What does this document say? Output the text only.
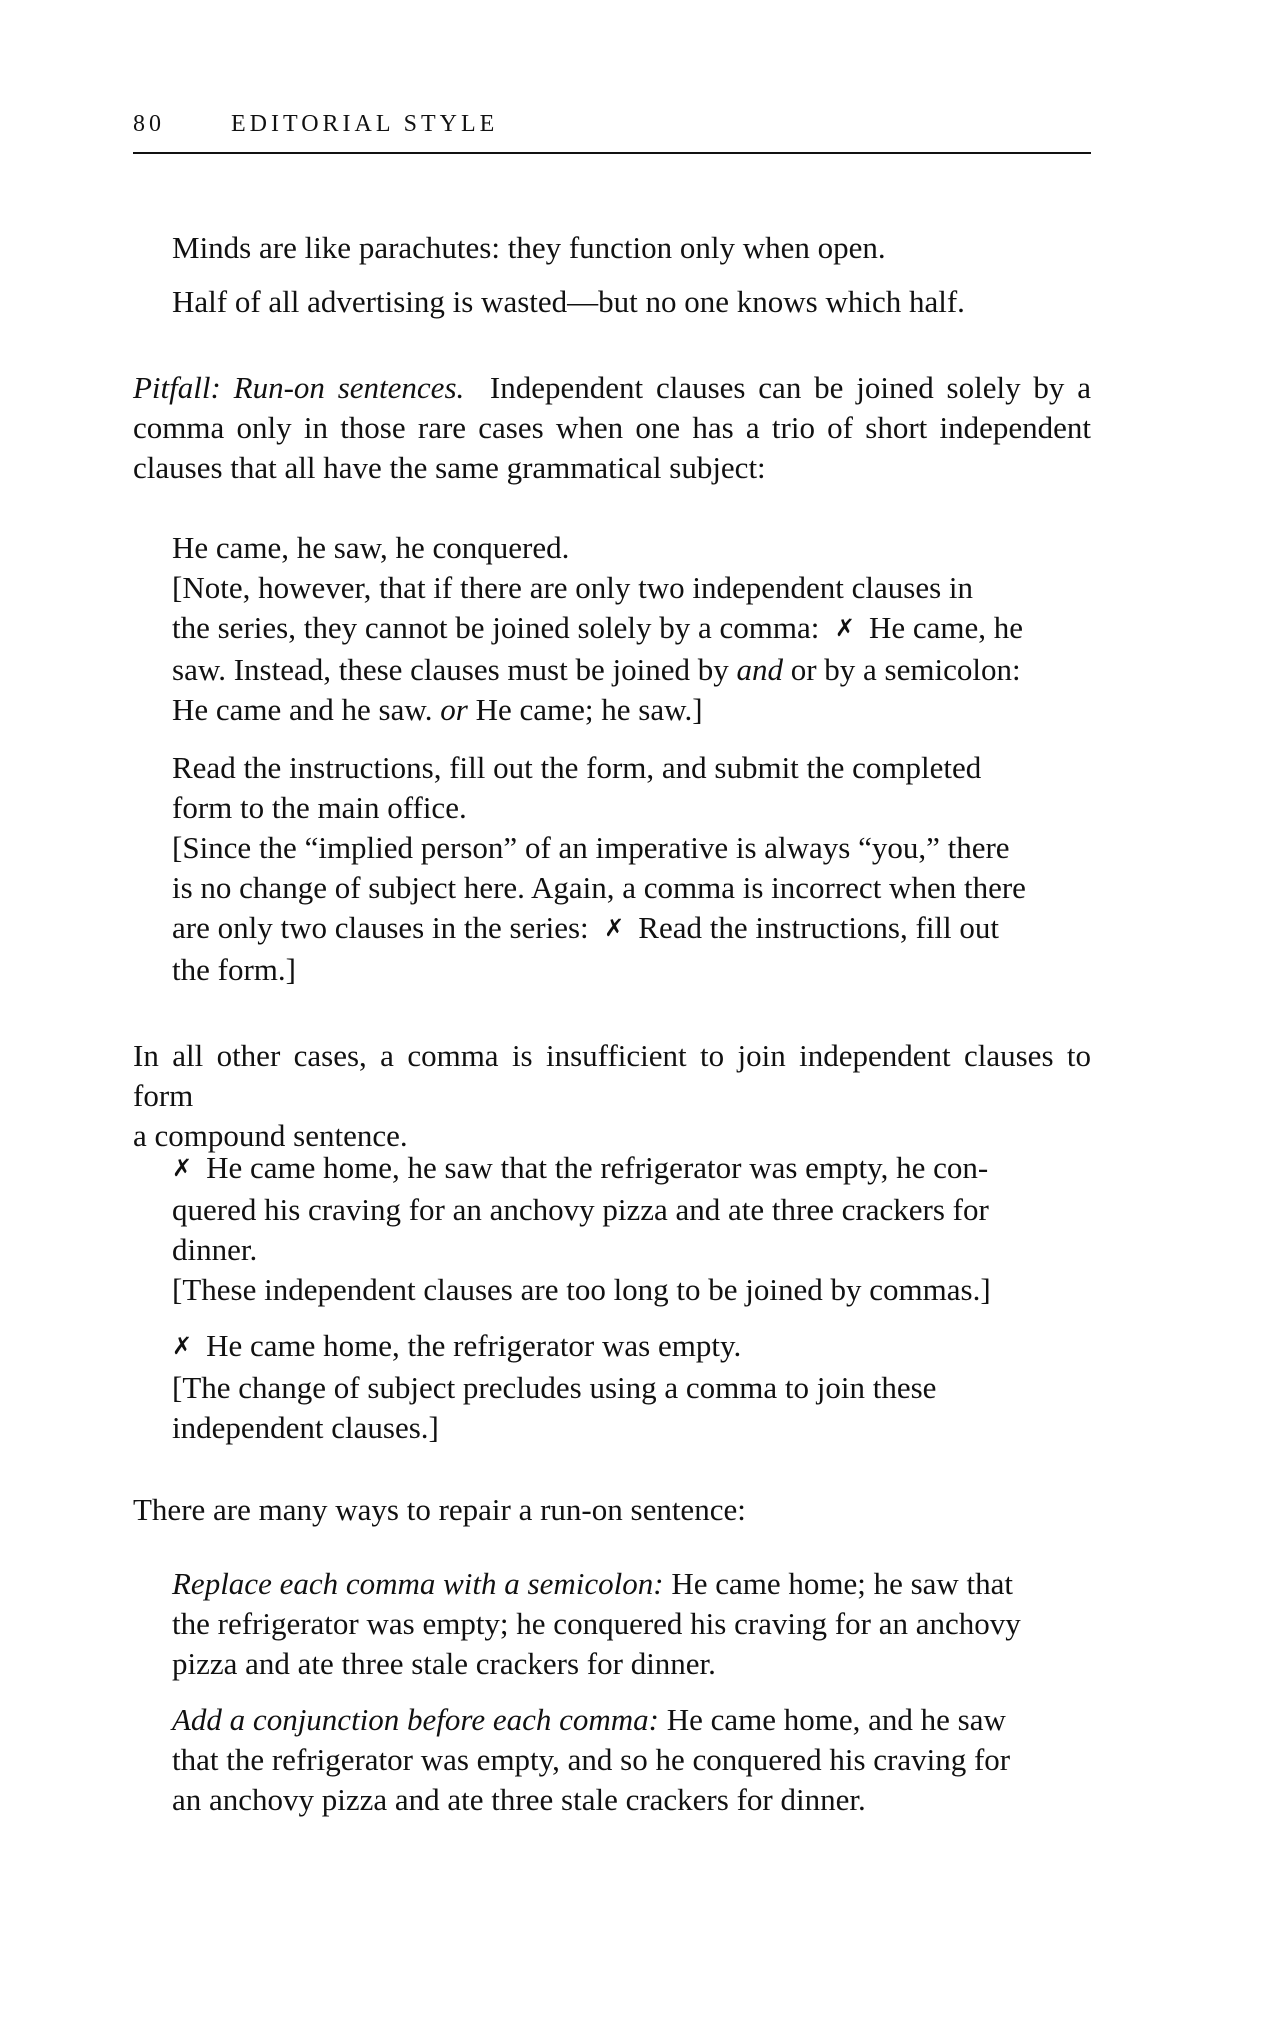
80	EDITORIAL STYLE
Minds are like parachutes: they function only when open.
Half of all advertising is wasted—but no one knows which half.
Pitfall: Run-on sentences. Independent clauses can be joined solely by a
comma only in those rare cases when one has a trio of short independent
clauses that all have the same grammatical subject:
He came, he saw, he conquered.
[Note, however, that if there are only two independent clauses in
the series, they cannot be joined solely by a comma: ✗ He came, he
saw. Instead, these clauses must be joined by and or by a semicolon:
He came and he saw. or He came; he saw.]
Read the instructions, fill out the form, and submit the completed
form to the main office.
[Since the “implied person” of an imperative is always “you,” there
is no change of subject here. Again, a comma is incorrect when there
are only two clauses in the series: ✗ Read the instructions, fill out
the form.]
In all other cases, a comma is insufficient to join independent clauses to form
a compound sentence.
✗ He came home, he saw that the refrigerator was empty, he con-
quered his craving for an anchovy pizza and ate three crackers for
dinner.
[These independent clauses are too long to be joined by commas.]
✗ He came home, the refrigerator was empty.
[The change of subject precludes using a comma to join these
independent clauses.]
There are many ways to repair a run-on sentence:
Replace each comma with a semicolon: He came home; he saw that
the refrigerator was empty; he conquered his craving for an anchovy
pizza and ate three stale crackers for dinner.
Add a conjunction before each comma: He came home, and he saw
that the refrigerator was empty, and so he conquered his craving for
an anchovy pizza and ate three stale crackers for dinner.
